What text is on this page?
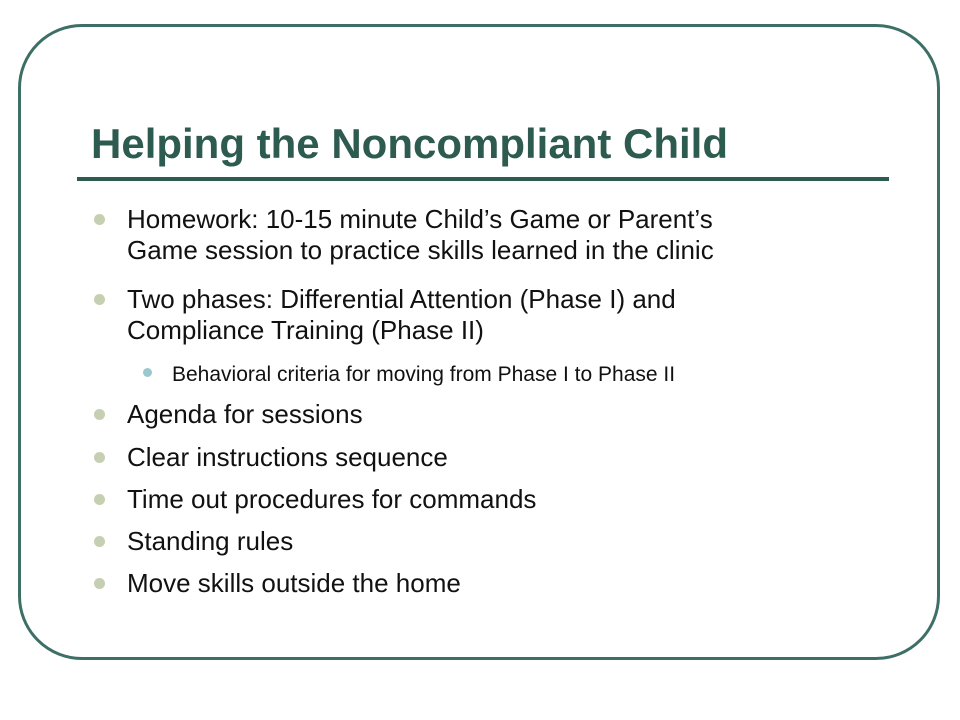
Helping the Noncompliant Child
Homework: 10-15 minute Child’s Game or Parent’s
Game session to practice skills learned in the clinic
Two phases: Differential Attention (Phase I) and
Compliance Training (Phase II)
Behavioral criteria for moving from Phase I to Phase II
Agenda for sessions
Clear instructions sequence
Time out procedures for commands
Standing rules
Move skills outside the home
